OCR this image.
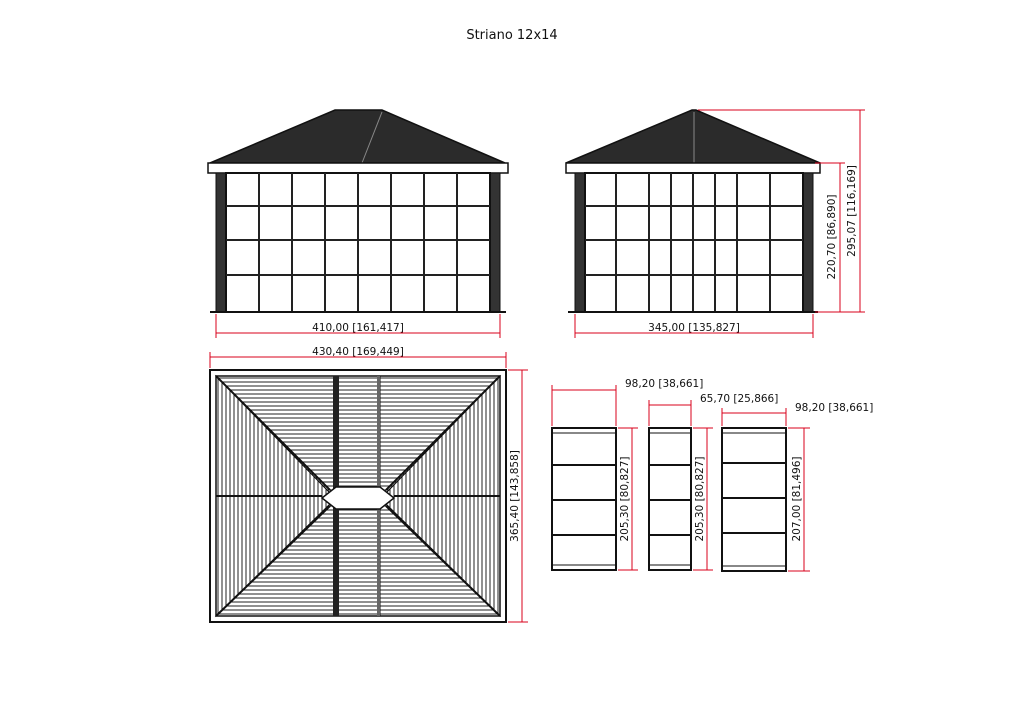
Striano 12x14
410,00 [161,417]	345,00 [135,827]
220,70 [86,890] 295,07 [116,169]
430,40 [169,449]
365,40 [143,858]
98,20 [38,661]
205,30 [80,827]
65,70 [25,866]
205,30 [80,827]
98,20 [38,661]
207,00 [81,496]
